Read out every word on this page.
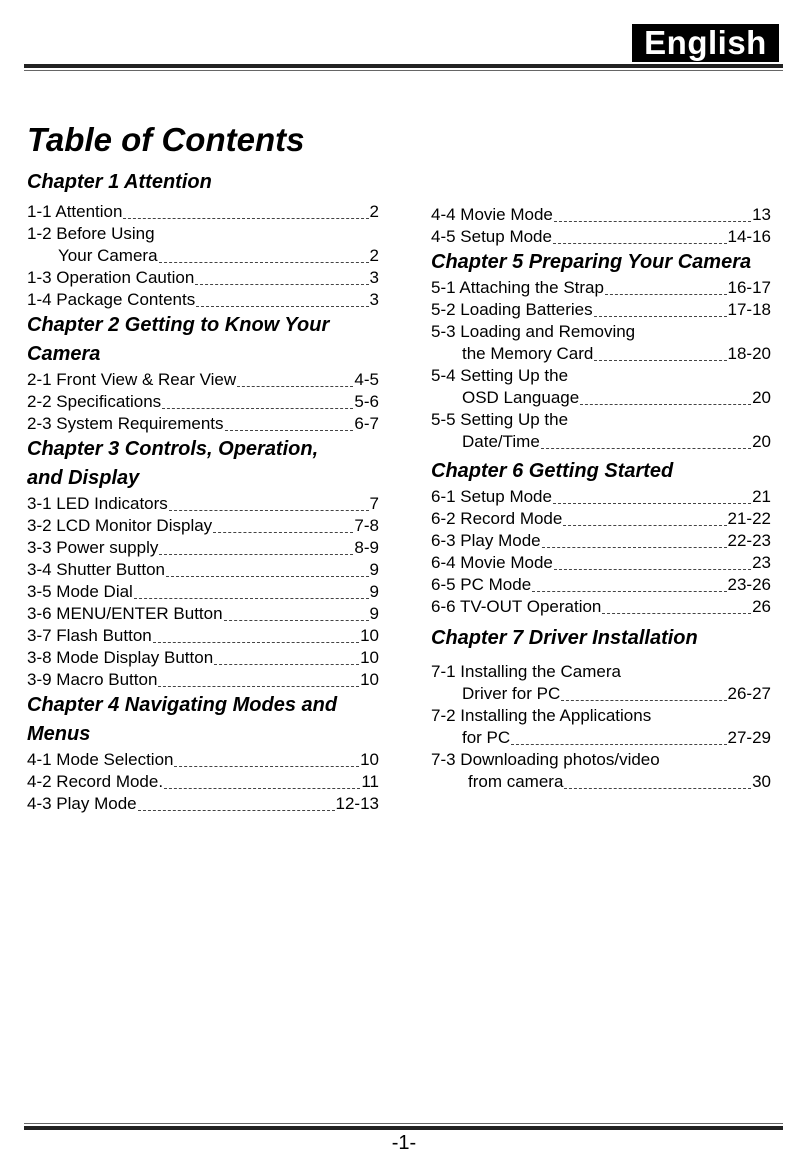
English
Table of Contents

Chapter 1 Attention

1-1 Attention	2
1-2 Before Using
Your Camera	2
1-3 Operation Caution	3
1-4 Package Contents	3

Chapter 2 Getting to Know Your

Camera

2-1 Front View & Rear View	4-5
2-2 Specifications	5-6
2-3 System Requirements	6-7

Chapter 3 Controls, Operation,

and Display

3-1 LED Indicators	7
3-2 LCD Monitor Display	7-8
3-3 Power supply	8-9
3-4 Shutter Button	9
3-5 Mode Dial	9
3-6 MENU/ENTER Button	9
3-7 Flash Button	10
3-8 Mode Display Button	10
3-9 Macro Button	10

Chapter 4 Navigating Modes and

Menus

4-1 Mode Selection	10
4-2 Record Mode.	11
4-3 Play Mode	12-13
4-4 Movie Mode	13
4-5 Setup Mode	14-16

Chapter 5 Preparing Your Camera

5-1 Attaching the Strap	16-17
5-2 Loading Batteries	17-18
5-3 Loading and Removing
the Memory Card	18-20
5-4 Setting Up the
OSD Language	20
5-5 Setting Up the
Date/Time	20

Chapter 6 Getting Started

6-1 Setup Mode	21
6-2 Record Mode	21-22
6-3 Play Mode	22-23
6-4 Movie Mode	23
6-5 PC Mode	23-26
6-6 TV-OUT Operation	26

Chapter 7 Driver Installation

7-1 Installing the Camera
Driver for PC	26-27
7-2 Installing the Applications
for PC	27-29
7-3 Downloading photos/video
from camera	30
-1-
